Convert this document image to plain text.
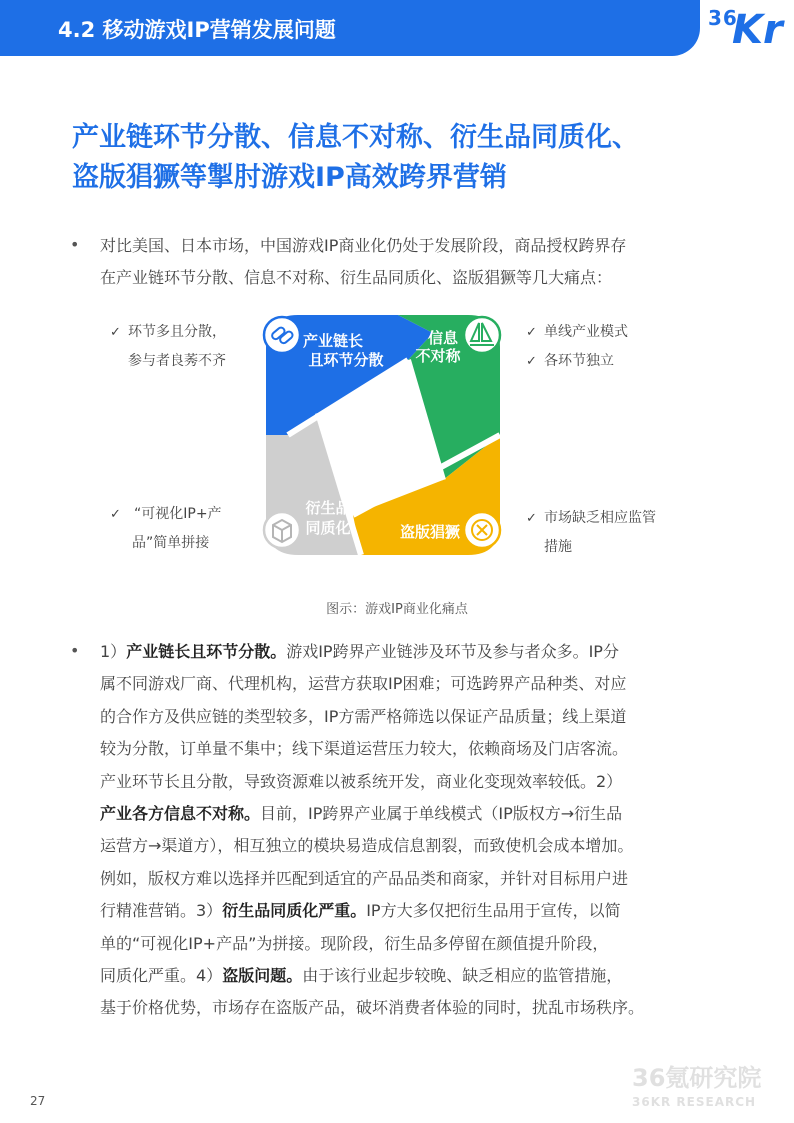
4.2 移动游戏IP营销发展问题	36
Kr
产业链环节分散、信息不对称、衍生品同质化、
盗版猖獗等掣肘游戏IP高效跨界营销
• 对比美国、日本市场，中国游戏IP商业化仍处于发展阶段，商品授权跨界存
在产业链环节分散、信息不对称、衍生品同质化、盗版猖獗等几大痛点：
✓ 环节多且分散，
参与者良莠不齐
✓ 单线产业模式
✓ 各环节独立
✓ “可视化IP+产
品”简单拼接
✓ 市场缺乏相应监管
措施
产业链长
且环节分散
信息
不对称
盗版猖獗
衍生品
同质化
图示：游戏IP商业化痛点
• 1）产业链长且环节分散。游戏IP跨界产业链涉及环节及参与者众多。IP分
属不同游戏厂商、代理机构，运营方获取IP困难；可选跨界产品种类、对应
的合作方及供应链的类型较多，IP方需严格筛选以保证产品质量；线上渠道
较为分散，订单量不集中；线下渠道运营压力较大，依赖商场及门店客流。
产业环节长且分散，导致资源难以被系统开发，商业化变现效率较低。2）
产业各方信息不对称。目前，IP跨界产业属于单线模式（IP版权方→衍生品
运营方→渠道方），相互独立的模块易造成信息割裂，而致使机会成本增加。
例如，版权方难以选择并匹配到适宜的产品品类和商家，并针对目标用户进
行精准营销。3）衍生品同质化严重。IP方大多仅把衍生品用于宣传，以简
单的“可视化IP+产品”为拼接。现阶段，衍生品多停留在颜值提升阶段，
同质化严重。4）盗版问题。由于该行业起步较晚、缺乏相应的监管措施，
基于价格优势，市场存在盗版产品，破坏消费者体验的同时，扰乱市场秩序。
36氪研究院
36KR RESEARCH
27
